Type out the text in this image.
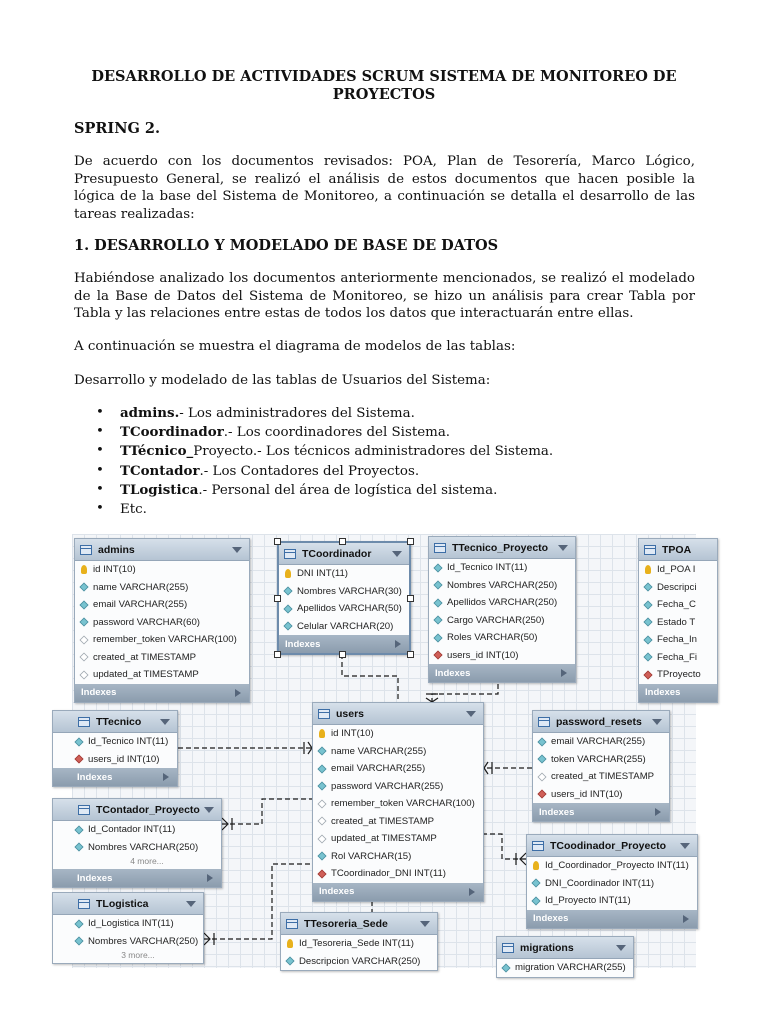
DESARROLLO DE ACTIVIDADES SCRUM SISTEMA DE MONITOREO DE PROYECTOS
SPRING 2.

De acuerdo con los documentos revisados: POA, Plan de Tesorería, Marco Lógico, Presupuesto General, se realizó el análisis de estos documentos que hacen posible la lógica de la base del Sistema de Monitoreo, a continuación se detalla el desarrollo de las tareas realizadas:

1. DESARROLLO Y MODELADO DE BASE DE DATOS

Habiéndose analizado los documentos anteriormente mencionados, se realizó el modelado de la Base de Datos del Sistema de Monitoreo, se hizo un análisis para crear Tabla por Tabla y las relaciones entre estas de todos los datos que interactuarán entre ellas.

A continuación se muestra el diagrama de modelos de las tablas:

Desarrollo y modelado de las tablas de Usuarios del Sistema:

• admins.- Los administradores del Sistema.
• TCoordinador.- Los coordinadores del Sistema.
• TTécnico_Proyecto.- Los técnicos administradores del Sistema.
• TContador.- Los Contadores del Proyectos.
• TLogistica.- Personal del área de logística del sistema.
• Etc.
admins
id INT(10)
name VARCHAR(255)
email VARCHAR(255)
password VARCHAR(60)
remember_token VARCHAR(100)
created_at TIMESTAMP
updated_at TIMESTAMP
Indexes
TCoordinador
DNI INT(11)
Nombres VARCHAR(30)
Apellidos VARCHAR(50)
Celular VARCHAR(20)
Indexes
TTecnico_Proyecto
Id_Tecnico INT(11)
Nombres VARCHAR(250)
Apellidos VARCHAR(250)
Cargo VARCHAR(250)
Roles VARCHAR(50)
users_id INT(10)
Indexes
TPOA
Id_POA I
Descripci
Fecha_C
Estado T
Fecha_In
Fecha_Fi
TProyecto
Indexes
TTecnico
Id_Tecnico INT(11)
users_id INT(10)
Indexes
users
id INT(10)
name VARCHAR(255)
email VARCHAR(255)
password VARCHAR(255)
remember_token VARCHAR(100)
created_at TIMESTAMP
updated_at TIMESTAMP
Rol VARCHAR(15)
TCoordinador_DNI INT(11)
Indexes
password_resets
email VARCHAR(255)
token VARCHAR(255)
created_at TIMESTAMP
users_id INT(10)
Indexes
TContador_Proyecto
Id_Contador INT(11)
Nombres VARCHAR(250)
4 more...
Indexes
TCoodinador_Proyecto
Id_Coordinador_Proyecto INT(11)
DNI_Coordinador INT(11)
Id_Proyecto INT(11)
Indexes
TLogistica
Id_Logistica INT(11)
Nombres VARCHAR(250)
3 more...
TTesoreria_Sede
Id_Tesoreria_Sede INT(11)
Descripcion VARCHAR(250)
migrations
migration VARCHAR(255)
